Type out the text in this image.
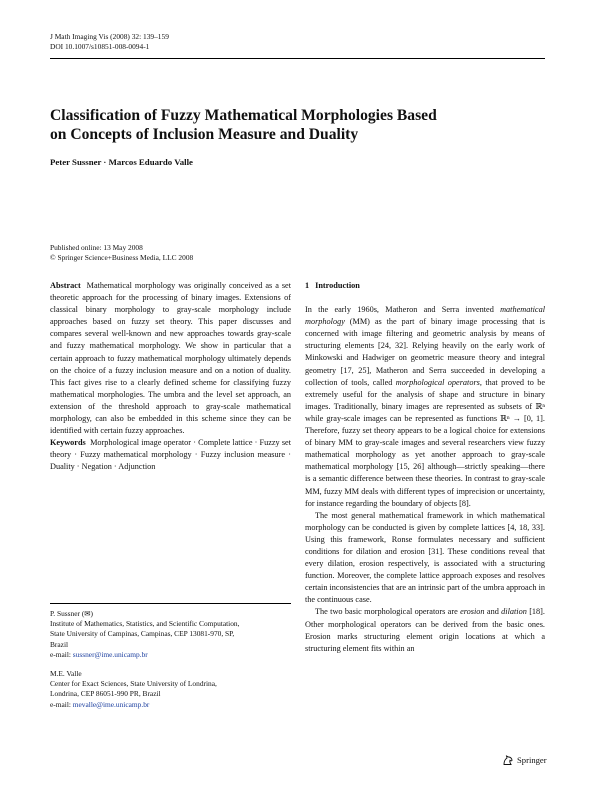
J Math Imaging Vis (2008) 32: 139–159
DOI 10.1007/s10851-008-0094-1
Classification of Fuzzy Mathematical Morphologies Based
on Concepts of Inclusion Measure and Duality
Peter Sussner · Marcos Eduardo Valle
Published online: 13 May 2008
© Springer Science+Business Media, LLC 2008

Abstract Mathematical morphology was originally conceived as a set theoretic approach for the processing of binary images. Extensions of classical binary morphology to gray-scale morphology include approaches based on fuzzy set theory. This paper discusses and compares several well-known and new approaches towards gray-scale and fuzzy mathematical morphology. We show in particular that a certain approach to fuzzy mathematical morphology ultimately depends on the choice of a fuzzy inclusion measure and on a notion of duality. This fact gives rise to a clearly defined scheme for classifying fuzzy mathematical morphologies. The umbra and the level set approach, an extension of the threshold approach to gray-scale mathematical morphology, can also be embedded in this scheme since they can be identified with certain fuzzy approaches.

Keywords Morphological image operator · Complete lattice · Fuzzy set theory · Fuzzy mathematical morphology · Fuzzy inclusion measure · Duality · Negation · Adjunction

P. Sussner (✉)
Institute of Mathematics, Statistics, and Scientific Computation,
State University of Campinas, Campinas, CEP 13081-970, SP,
Brazil
e-mail: sussner@ime.unicamp.br
M.E. Valle
Center for Exact Sciences, State University of Londrina,
Londrina, CEP 86051-990 PR, Brazil
e-mail: mevalle@ime.unicamp.br
1 Introduction

In the early 1960s, Matheron and Serra invented mathematical morphology (MM) as the part of binary image processing that is concerned with image filtering and geometric analysis by means of structuring elements [24, 32]. Relying heavily on the early work of Minkowski and Hadwiger on geometric measure theory and integral geometry [17, 25], Matheron and Serra succeeded in developing a collection of tools, called morphological operators, that proved to be extremely useful for the analysis of shape and structure in binary images. Traditionally, binary images are represented as subsets of ℝⁿ while gray-scale images can be represented as functions ℝⁿ → [0, 1]. Therefore, fuzzy set theory appears to be a logical choice for extensions of binary MM to gray-scale images and several researchers view fuzzy mathematical morphology as yet another approach to gray-scale mathematical morphology [15, 26] although—strictly speaking—there is a semantic difference between these theories. In contrast to gray-scale MM, fuzzy MM deals with different types of imprecision or uncertainty, for instance regarding the boundary of objects [8].

The most general mathematical framework in which mathematical morphology can be conducted is given by complete lattices [4, 18, 33]. Using this framework, Ronse formulates necessary and sufficient conditions for dilation and erosion [31]. These conditions reveal that every dilation, erosion respectively, is associated with a structuring function. Moreover, the complete lattice approach exposes and resolves certain inconsistencies that are an intrinsic part of the umbra approach in the continuous case.

The two basic morphological operators are erosion and dilation [18]. Other morphological operators can be derived from the basic ones. Erosion marks structuring element origin locations at which a structuring element fits within an

Springer
